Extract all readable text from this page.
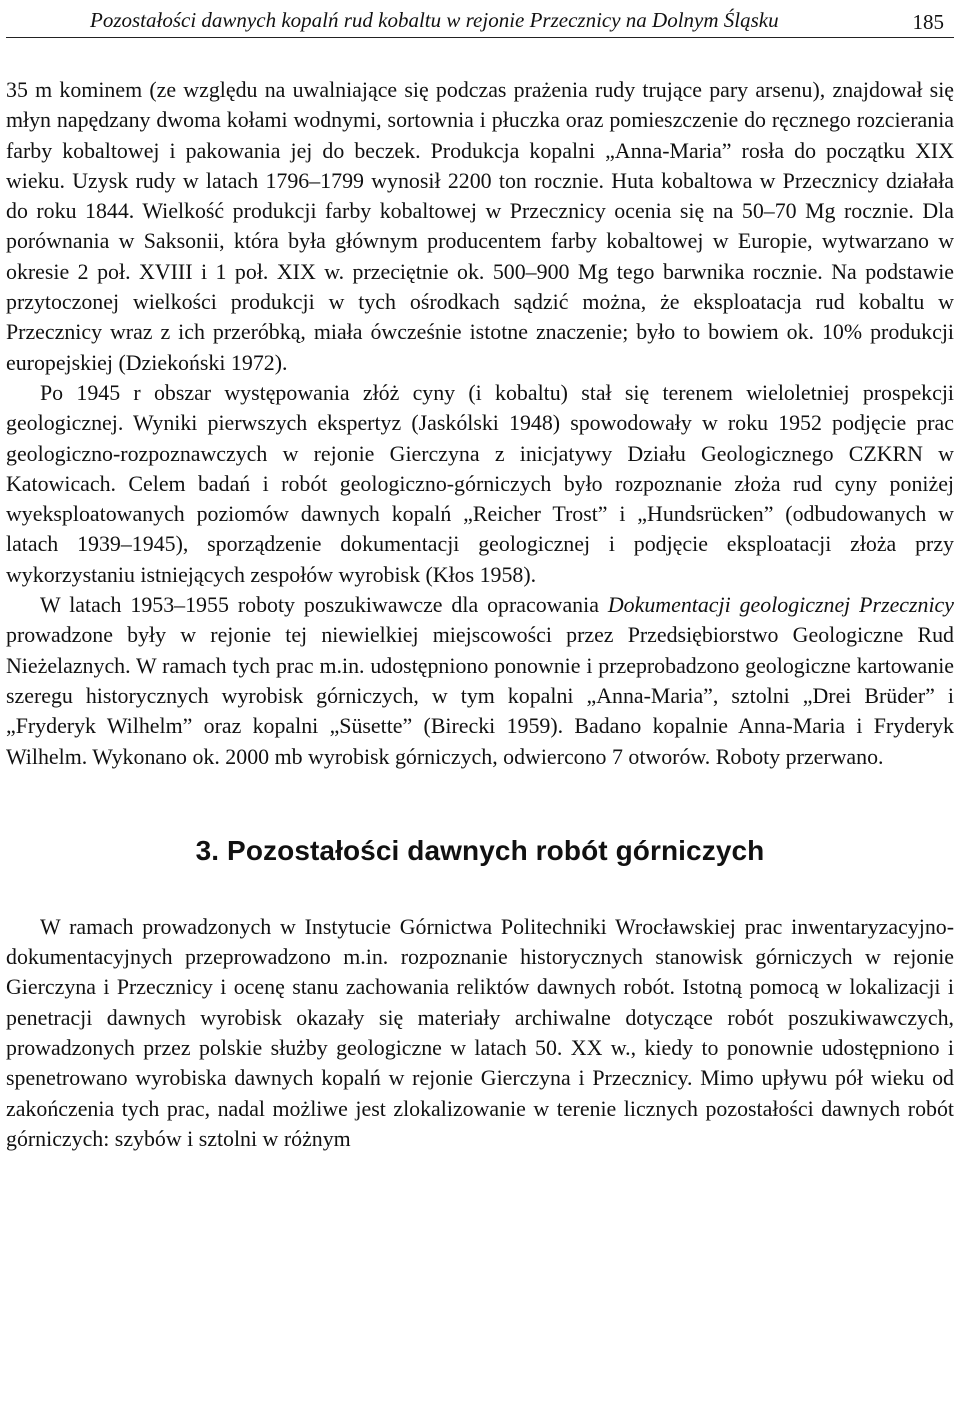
Pozostałości dawnych kopalń rud kobaltu w rejonie Przecznicy na Dolnym Śląsku	185

35 m kominem (ze względu na uwalniające się podczas prażenia rudy trujące pary arsenu), znajdował się młyn napędzany dwoma kołami wodnymi, sortownia i płuczka oraz pomieszczenie do ręcznego rozcierania farby kobaltowej i pakowania jej do beczek. Produkcja kopalni „Anna-Maria” rosła do początku XIX wieku. Uzysk rudy w latach 1796–1799 wynosił 2200 ton rocznie. Huta kobaltowa w Przecznicy działała do roku 1844. Wielkość produkcji farby kobaltowej w Przecznicy ocenia się na 50–70 Mg rocznie. Dla porównania w Saksonii, która była głównym producentem farby kobaltowej w Europie, wytwarzano w okresie 2 poł. XVIII i 1 poł. XIX w. przeciętnie ok. 500–900 Mg tego barwnika rocznie. Na podstawie przytoczonej wielkości produkcji w tych ośrodkach sądzić można, że eksploatacja rud kobaltu w Przecznicy wraz z ich przeróbką, miała ówcześnie istotne znaczenie; było to bowiem ok. 10% produkcji europejskiej (Dziekoński 1972).

Po 1945 r obszar występowania złóż cyny (i kobaltu) stał się terenem wieloletniej prospekcji geologicznej. Wyniki pierwszych ekspertyz (Jaskólski 1948) spowodowały w roku 1952 podjęcie prac geologiczno-rozpoznawczych w rejonie Gierczyna z inicjatywy Działu Geologicznego CZKRN w Katowicach. Celem badań i robót geologiczno-górniczych było rozpoznanie złoża rud cyny poniżej wyeksploatowanych poziomów dawnych kopalń „Reicher Trost” i „Hundsrücken” (odbudowanych w latach 1939–1945), sporządzenie dokumentacji geologicznej i podjęcie eksploatacji złoża przy wykorzystaniu istniejących zespołów wyrobisk (Kłos 1958).

W latach 1953–1955 roboty poszukiwawcze dla opracowania Dokumentacji geologicznej Przecznicy prowadzone były w rejonie tej niewielkiej miejscowości przez Przedsiębiorstwo Geologiczne Rud Nieżelaznych. W ramach tych prac m.in. udostępniono ponownie i przeprobadzono geologiczne kartowanie szeregu historycznych wyrobisk górniczych, w tym kopalni „Anna-Maria”, sztolni „Drei Brüder” i „Fryderyk Wilhelm” oraz kopalni „Süsette” (Birecki 1959). Badano kopalnie Anna-Maria i Fryderyk Wilhelm. Wykonano ok. 2000 mb wyrobisk górniczych, odwiercono 7 otworów. Roboty przerwano.

3. Pozostałości dawnych robót górniczych

W ramach prowadzonych w Instytucie Górnictwa Politechniki Wrocławskiej prac inwentaryzacyjno-dokumentacyjnych przeprowadzono m.in. rozpoznanie historycznych stanowisk górniczych w rejonie Gierczyna i Przecznicy i ocenę stanu zachowania reliktów dawnych robót. Istotną pomocą w lokalizacji i penetracji dawnych wyrobisk okazały się materiały archiwalne dotyczące robót poszukiwawczych, prowadzonych przez polskie służby geologiczne w latach 50. XX w., kiedy to ponownie udostępniono i spenetrowano wyrobiska dawnych kopalń w rejonie Gierczyna i Przecznicy. Mimo upływu pół wieku od zakończenia tych prac, nadal możliwe jest zlokalizowanie w terenie licznych pozostałości dawnych robót górniczych: szybów i sztolni w różnym
